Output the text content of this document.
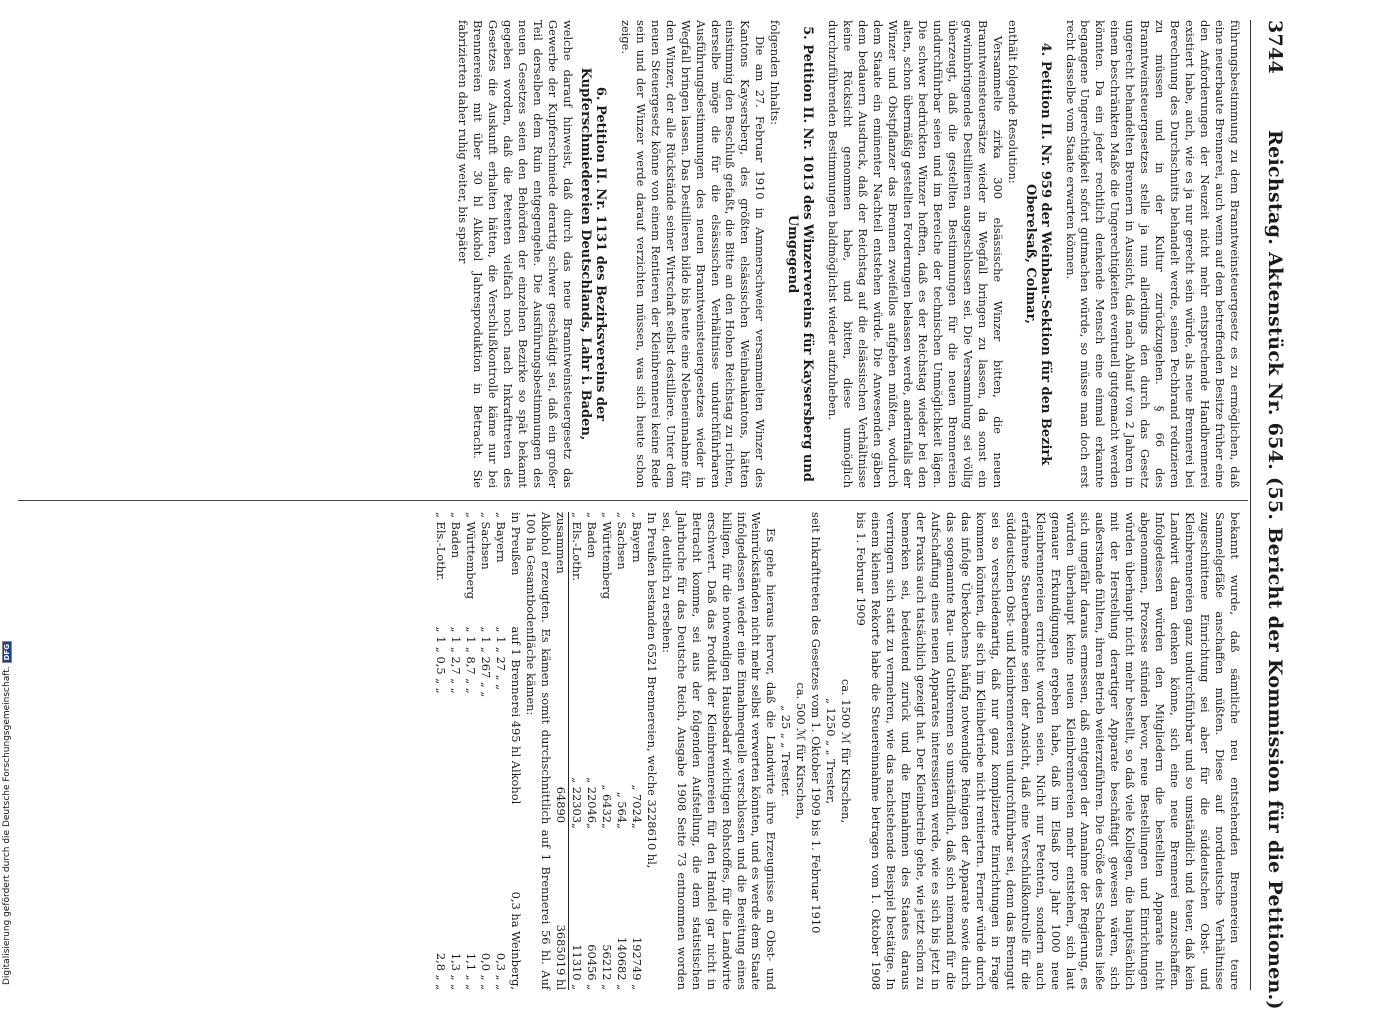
Digitalisierung gefördert durch die Deutsche Forschungsgemeinschaft.
DFG
3744
Reichstag. Aktenstück Nr. 654. (55. Bericht der Kommission für die Petitionen.)

führungsbestimmung zu dem Branntweinsteuergesetz es zu ermöglichen, daß eine neuerbaute Brennerei, auch wenn auf dem betreffenden Besitze früher eine den Anforderungen der Neuzeit nicht mehr entsprechende Handbrennerei existiert habe, auch, wie es ja nur gerecht sein würde, als neue Brennerei bei Berechnung des Durchschnitts behandelt werde, seinen Pechbrand reduzieren zu müssen und in der Kultur zurückzugehen. § 66 des Branntweinsteuergesetzes stelle ja nun allerdings den durch das Gesetz ungerecht behandelten Brennern in Aussicht, daß nach Ablauf von 2 Jahren in einem beschränkten Maße die Ungerechtigkeiten eventuell gutgemacht werden könnten. Da ein jeder rechtlich denkende Mensch eine einmal erkannte begangene Ungerechtigkeit sofort gutmachen würde, so müsse man doch erst recht dasselbe vom Staate erwarten können.

4. Petition II. Nr. 959 der Weinbau-Sektion für den Bezirk Oberelsaß, Colmar,

enthält folgende Resolution:

Versammelte zirka 300 elsässische Winzer bitten, die neuen Branntweinsteuersätze wieder in Wegfall bringen zu lassen, da sonst ein gewinnbringendes Destillieren ausgeschlossen sei. Die Versammlung sei völlig überzeugt, daß die gestellten Bestimmungen für die neuen Brennereien undurchführbar seien und im Bereiche der technischen Unmöglichkeit lägen. Die schwer bedrückten Winzer hofften, daß es der Reichstag wieder bei den alten, schon übermäßig gestellten Forderungen belassen werde, andernfalls der Winzer und Obstpflanzer das Brennen zweifellos aufgeben müßten, wodurch dem Staate ein eminenter Nachteil entstehen würde. Die Anwesenden gäben dem bedauern Ausdruck, daß der Reichstag auf die elsässischen Verhältnisse keine Rücksicht genommen habe, und bitten, diese unmöglich durchzuführenden Bestimmungen baldmöglichst wieder aufzuheben.

5. Petition II. Nr. 1013 des Winzervereins für Kaysersberg und Umgegend

folgenden Inhalts:

Die am 27. Februar 1910 in Ammerschweier versammelten Winzer des Kantons Kaysersberg, des größten elsässischen Weinbaukantons, hätten einstimmig den Beschluß gefaßt, die Bitte an den Hohen Reichstag zu richten, derselbe möge die für die elsässischen Verhältnisse undurchführbaren Ausführungsbestimmungen des neuen Branntweinsteuergesetzes wieder in Wegfall bringen lassen. Das Destillieren bilde bis heute eine Nebeneinnahme für den Winzer, der alle Rückstände seiner Wirtschaft selbst destilliere. Unter dem neuen Steuergesetz könne von einem Rentieren der Kleinbrennerei keine Rede sein und der Winzer werde darauf verzichten müssen, was sich heute schon zeige.

6. Petition II. Nr. 1131 des Bezirksvereins der Kupferschmiedereien Deutschlands, Lahr i. Baden,

welche darauf hinweist, daß durch das neue Branntweinsteuergesetz das Gewerbe der Kupferschmiede derartig schwer geschädigt sei, daß ein großer Teil derselben dem Ruin entgegengehe. Die Ausführungsbestimmungen des neuen Gesetzes seien den Behörden der einzelnen Bezirke so spät bekannt gegeben worden, daß die Petenten vielfach noch nach Inkrafttreten des Gesetzes die Auskunft erhalten hätten, die Verschlußkontrolle käme nur bei Brennereien mit über 30 hl Alkohol Jahresproduktion in Betracht. Sie fabrizierten daher ruhig weiter, bis später

bekannt wurde, daß sämtliche neu entstehenden Brennereien teure Sammelgefäße anschaffen müßten. Diese auf norddeutsche Verhältnisse zugeschnittene Einrichtung sei aber für die süddeutschen Obst- und Kleinbrennereien ganz undurchführbar und so umständlich und teuer, daß kein Landwirt daran denken könne, sich eine neue Brennerei anzuschaffen. Infolgedessen würden den Mitgliedern die bestellten Apparate nicht abgenommen, Prozesse stünden bevor, neue Bestellungen und Einrichtungen würden überhaupt nicht mehr bestellt, so daß viele Kollegen, die hauptsächlich mit der Herstellung derartiger Apparate beschäftigt gewesen wären, sich außerstande fühlten, ihren Betrieb weiterzuführen. Die Größe des Schadens ließe sich ungefähr daraus ermessen, daß entgegen der Annahme der Regierung, es würden überhaupt keine neuen Kleinbrennereien mehr entstehen, sich laut genauer Erkundigungen ergeben habe, daß im Elsaß pro Jahr 1000 neue Kleinbrennereien errichtet worden seien. Nicht nur Petenten, sondern auch erfahrene Steuerbeamte seien der Ansicht, daß eine Verschlußkontrolle für die süddeutschen Obst- und Kleinbrennereien undurchführbar sei, denn das Brenngut sei so verschiedenartig, daß nur ganz komplizierte Einrichtungen in Frage kommen könnten, die sich im Kleinbetriebe nicht rentierten. Ferner würde durch das infolge Überkochens häufig notwendige Reinigen der Apparate sowie durch das sogenannte Rau- und Gutbrennen so umständlich, daß sich niemand für die Aufschaffung eines neuen Apparates interessieren werde, wie es sich bis jetzt in der Praxis auch tatsächlich gezeigt hat. Der Kleinbetrieb gehe, wie jetzt schon zu bemerken sei, bedeutend zurück und die Einnahmen des Staates daraus verringern sich statt zu vermehren, wie das nachstehende Beispiel bestätige. In einem kleinen Rekorte habe die Steuereinnahme betragen vom 1. Oktober 1908 bis 1. Februar 1909

ca. 1500 ℳ für Kirschen,

„ 1250 „ „ Trester,

seit Inkrafttreten des Gesetzes vom 1. Oktober 1909 bis 1. Februar 1910

ca. 500 ℳ für Kirschen,

„ 25 „ „ Trester.

Es gehe hieraus hervor, daß die Landwirte ihre Erzeugnisse an Obst- und Weinrückständen nicht mehr selbst verwerten könnten, und es werde dem Staate infolgedessen wieder eine Einnahmequelle verschlossen und die Bereitung eines billigen, für die notwendigen Hausbedarf wichtigen Rohstoffes, für die Landwirte erschwert. Daß das Produkt der Kleinbrennereien für den Handel gar nicht in Betracht komme, sei aus der folgenden Aufstellung, die dem statistischen Jahrbuche für das Deutsche Reich, Ausgabe 1908 Seite 73 entnommen worden sei, deutlich zu ersehen:

In Preußen bestanden 6521 Brennereien, welche 3228610 hl,

„ Bayern	„ 7024	„	192749 „
„ Sachsen	„ 564	„	140682 „
„ Württemberg	„ 6432	„	56212 „
„ Baden	„ 22046	„	60456 „
„ Els.-Lothr.	„ 22303	„	11310 „
zusammen	64890		3685019 hl

Alkohol erzeugten. Es kämen somit durchschnittlich auf 1 Brennerei 56 hl. Auf 100 ha Gesamtbodenfläche kämen:

in Preußen	auf 1 Brennerei 495 hl Alkohol	0,3 ha Weinberg,
„ Bayern	„ 1 „ 27 „ „	0,3 „ „
„ Sachsen	„ 1 „ 267 „ „	0,0 „ „
„ Württemberg	„ 1 „ 8,7 „ „	1,1 „ „
„ Baden	„ 1 „ 2,7 „ „	1,3 „ „
„ Els.-Lothr.	„ 1 „ 0,5 „ „	2,8 „ „
